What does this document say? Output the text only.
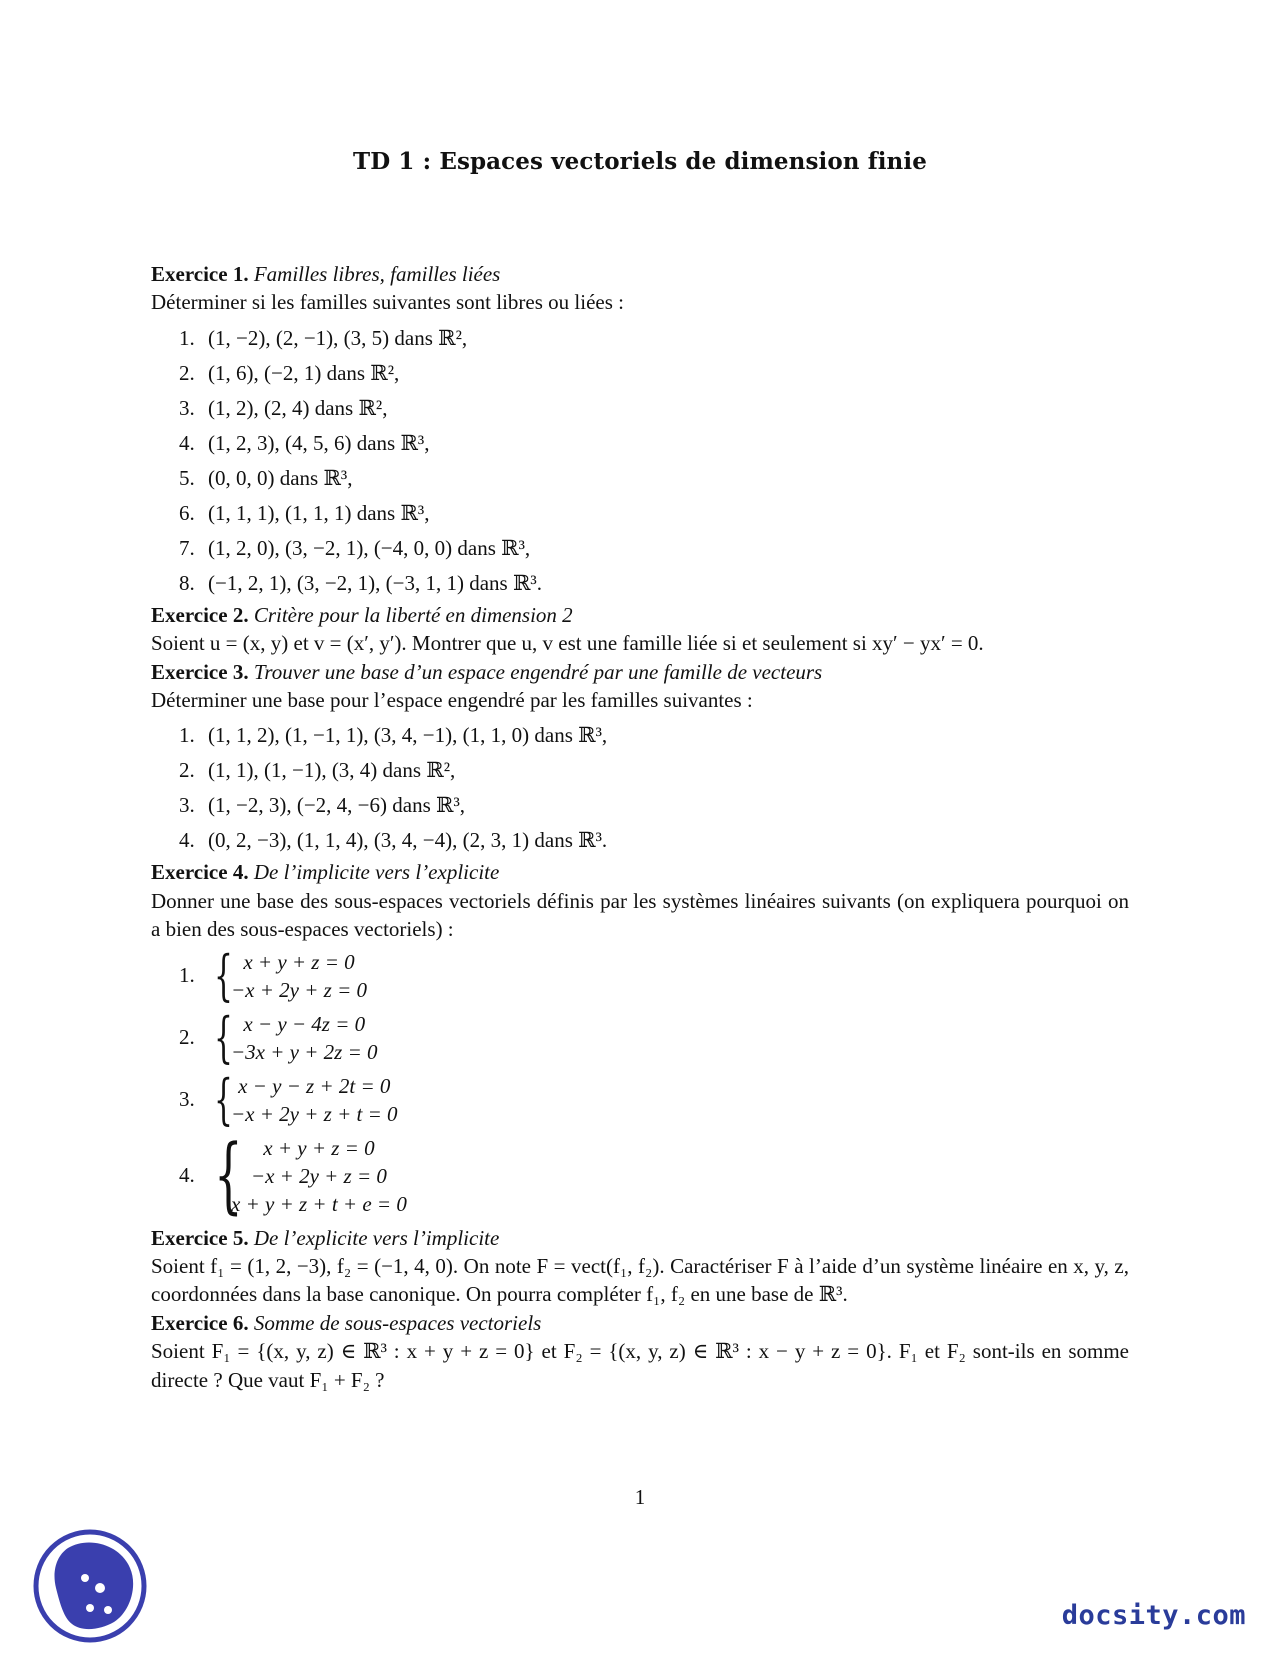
TD 1 : Espaces vectoriels de dimension finie

Exercice 1. Familles libres, familles liées

Déterminer si les familles suivantes sont libres ou liées :

1. (1, −2), (2, −1), (3, 5) dans ℝ²,
2. (1, 6), (−2, 1) dans ℝ²,
3. (1, 2), (2, 4) dans ℝ²,
4. (1, 2, 3), (4, 5, 6) dans ℝ³,
5. (0, 0, 0) dans ℝ³,
6. (1, 1, 1), (1, 1, 1) dans ℝ³,
7. (1, 2, 0), (3, −2, 1), (−4, 0, 0) dans ℝ³,
8. (−1, 2, 1), (3, −2, 1), (−3, 1, 1) dans ℝ³.

Exercice 2. Critère pour la liberté en dimension 2

Soient u = (x, y) et v = (x′, y′). Montrer que u, v est une famille liée si et seulement si xy′ − yx′ = 0.

Exercice 3. Trouver une base d’un espace engendré par une famille de vecteurs

Déterminer une base pour l’espace engendré par les familles suivantes :

1. (1, 1, 2), (1, −1, 1), (3, 4, −1), (1, 1, 0) dans ℝ³,
2. (1, 1), (1, −1), (3, 4) dans ℝ²,
3. (1, −2, 3), (−2, 4, −6) dans ℝ³,
4. (0, 2, −3), (1, 1, 4), (3, 4, −4), (2, 3, 1) dans ℝ³.

Exercice 4. De l’implicite vers l’explicite

Donner une base des sous-espaces vectoriels définis par les systèmes linéaires suivants (on expliquera pourquoi on a bien des sous-espaces vectoriels) :

1. { x + y + z = 0
−x + 2y + z = 0
2. { x − y − 4z = 0
−3x + y + 2z = 0
3. { x − y − z + 2t = 0
−x + 2y + z + t = 0
4. { x + y + z = 0
−x + 2y + z = 0
x + y + z + t + e = 0

Exercice 5. De l’explicite vers l’implicite

Soient f₁ = (1, 2, −3), f₂ = (−1, 4, 0). On note F = vect(f₁, f₂). Caractériser F à l’aide d’un système linéaire en x, y, z, coordonnées dans la base canonique. On pourra compléter f₁, f₂ en une base de ℝ³.

Exercice 6. Somme de sous-espaces vectoriels

Soient F₁ = {(x, y, z) ∈ ℝ³ : x + y + z = 0} et F₂ = {(x, y, z) ∈ ℝ³ : x − y + z = 0}. F₁ et F₂ sont-ils en somme directe ? Que vaut F₁ + F₂ ?

1
docsity.com
